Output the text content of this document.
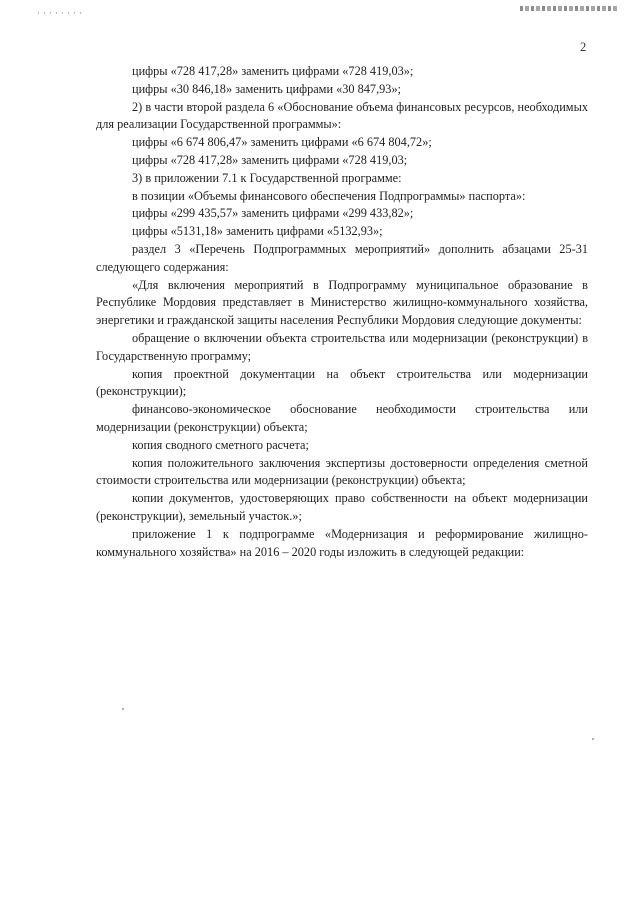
2

цифры «728 417,28» заменить цифрами «728 419,03»;

цифры «30 846,18» заменить цифрами «30 847,93»;

2) в части второй раздела 6 «Обоснование объема финансовых ресурсов, необходимых для реализации Государственной программы»:

цифры «6 674 806,47» заменить цифрами «6 674 804,72»;

цифры «728 417,28» заменить цифрами «728 419,03;

3) в приложении 7.1 к Государственной программе:

в позиции «Объемы финансового обеспечения Подпрограммы» паспорта»:

цифры «299 435,57» заменить цифрами «299 433,82»;

цифры «5131,18» заменить цифрами «5132,93»;

раздел 3 «Перечень Подпрограммных мероприятий» дополнить абзацами 25-31 следующего содержания:

«Для включения мероприятий в Подпрограмму муниципальное образование в Республике Мордовия представляет в Министерство жилищно-коммунального хозяйства, энергетики и гражданской защиты населения Республики Мордовия следующие документы:

обращение о включении объекта строительства или модернизации (реконструкции) в Государственную программу;

копия проектной документации на объект строительства или модернизации (реконструкции);

финансово-экономическое обоснование необходимости строительства или модернизации (реконструкции) объекта;

копия сводного сметного расчета;

копия положительного заключения экспертизы достоверности определения сметной стоимости строительства или модернизации (реконструкции) объекта;

копии документов, удостоверяющих право собственности на объект модернизации (реконструкции), земельный участок.»;

приложение 1 к подпрограмме «Модернизация и реформирование жилищно-коммунального хозяйства» на 2016 – 2020 годы изложить в следующей редакции:
